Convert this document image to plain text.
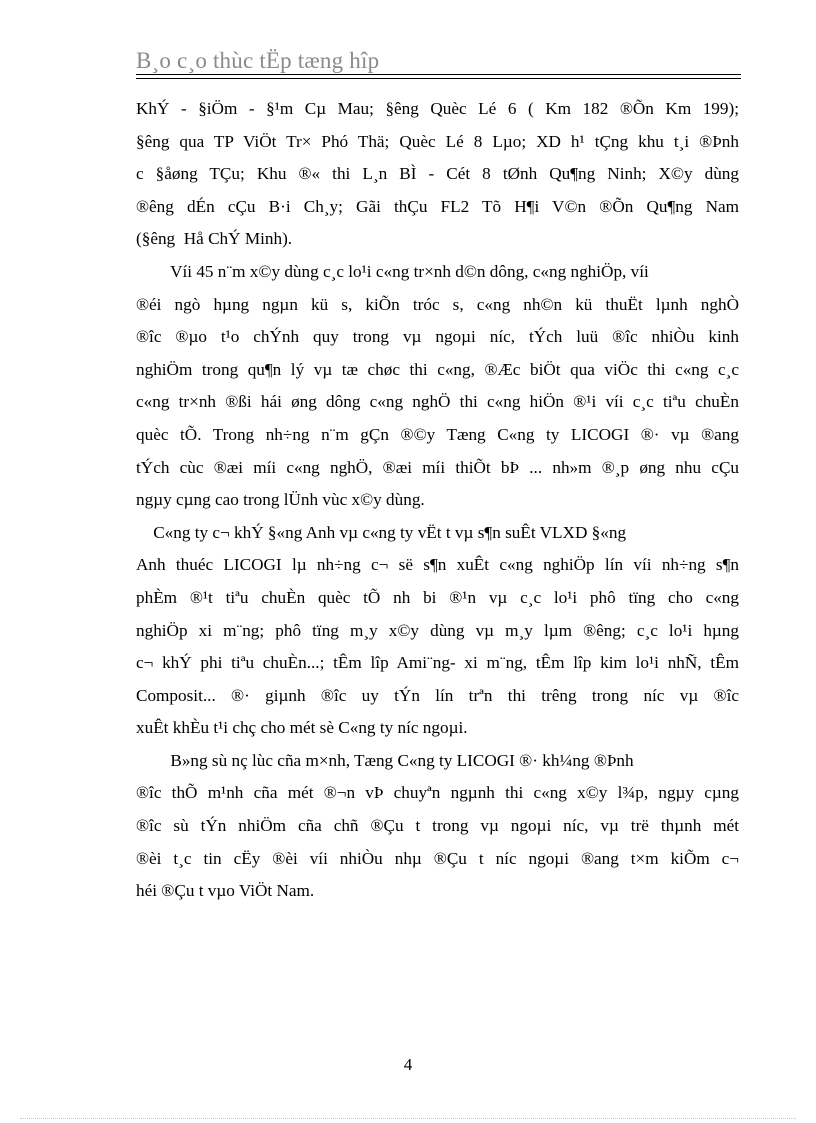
B¸o c¸o thùc tËp tæng hîp
KhÝ - §iÖm - §¹m Cµ Mau; §êng Quèc Lé 6 ( Km 182 ®Õn Km 199);
§êng qua TP ViÖt Tr× Phó Thä; Quèc Lé 8 Lµo; XD h¹ tÇng khu t¸i ®Þnh
c §åøng TÇu; Khu ®« thi L¸n BÌ - Cét 8 tØnh Qu¶ng Ninh; X©y dùng
®êng dÉn cÇu B·i Ch¸y; Gãi thÇu FL2 Tõ H¶i V©n ®Õn Qu¶ng Nam
(§êng  Hå ChÝ Minh).
Víi 45 n¨m x©y dùng c¸c lo¹i c«ng tr×nh d©n dông, c«ng nghiÖp, víi
®éi ngò hµng ngµn kü s, kiÕn tróc s, c«ng nh©n kü thuËt lµnh nghÒ
®îc ®µo t¹o chÝnh quy trong vµ ngoµi níc, tÝch luü ®îc nhiÒu kinh
nghiÖm trong qu¶n lý vµ tæ chøc thi c«ng, ®Æc biÖt qua viÖc thi c«ng c¸c
c«ng tr×nh ®ßi hái øng dông c«ng nghÖ thi c«ng hiÖn ®¹i víi c¸c tiªu chuÈn
quèc tÕ. Trong nh÷ng n¨m gÇn ®©y Tæng C«ng ty LICOGI ®· vµ ®ang
tÝch cùc ®æi míi c«ng nghÖ, ®æi míi thiÕt bÞ ... nh»m ®¸p øng nhu cÇu
ngµy cµng cao trong lÜnh vùc x©y dùng.
C«ng ty c¬ khÝ §«ng Anh vµ c«ng ty vËt t vµ s¶n suÊt VLXD §«ng
Anh thuéc LICOGI lµ nh÷ng c¬ së s¶n xuÊt c«ng nghiÖp lín víi nh÷ng s¶n
phÈm ®¹t tiªu chuÈn quèc tÕ nh bi ®¹n vµ c¸c lo¹i phô tïng cho c«ng
nghiÖp xi m¨ng; phô tïng m¸y x©y dùng vµ m¸y lµm ®êng; c¸c lo¹i hµng
c¬ khÝ phi tiªu chuÈn...; tÊm lîp Ami¨ng- xi m¨ng, tÊm lîp kim lo¹i nhÑ, tÊm
Composit... ®· giµnh ®îc uy tÝn lín trªn thi trêng trong níc vµ ®îc
xuÊt khÈu t¹i chç cho mét sè C«ng ty níc ngoµi.
B»ng sù nç lùc cña m×nh, Tæng C«ng ty LICOGI ®· kh¼ng ®Þnh
®îc thÕ m¹nh cña mét ®¬n vÞ chuyªn ngµnh thi c«ng x©y l¾p, ngµy cµng
®îc sù tÝn nhiÖm cña chñ ®Çu t trong vµ ngoµi níc, vµ trë thµnh mét
®èi t¸c tin cËy ®èi víi nhiÒu nhµ ®Çu t níc ngoµi ®ang t×m kiÕm c¬
héi ®Çu t vµo ViÖt Nam.
4
